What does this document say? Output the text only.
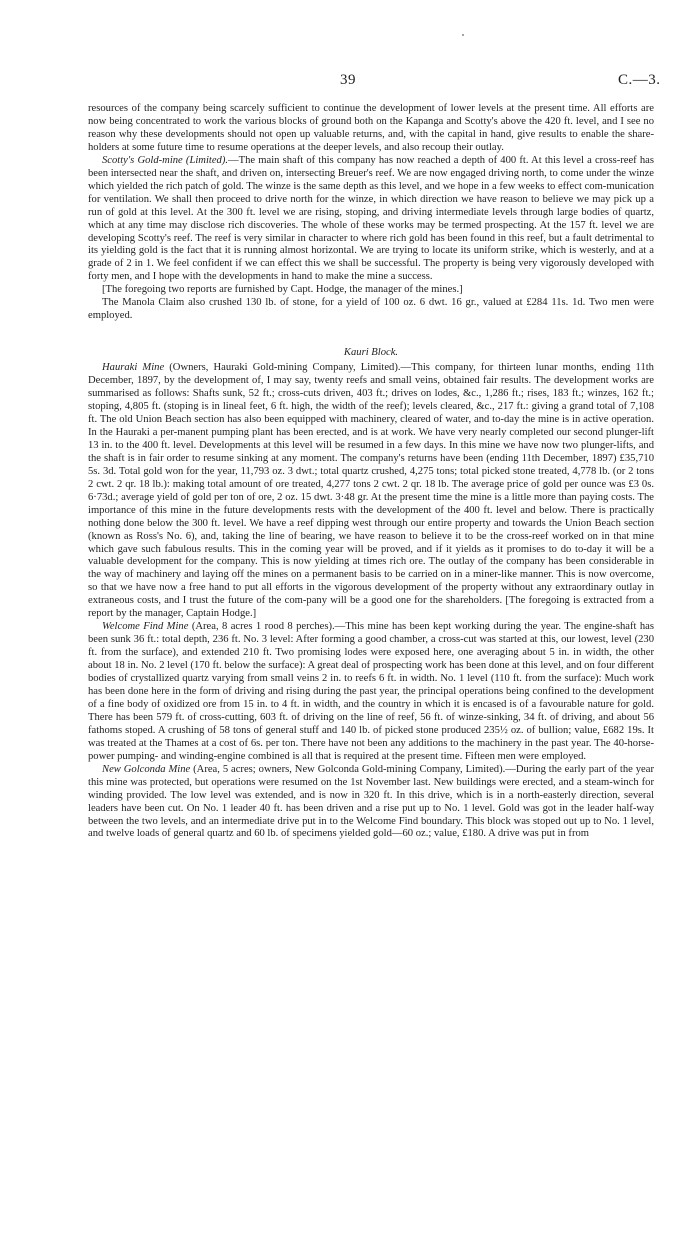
39	C.—3.

resources of the company being scarcely sufficient to continue the development of lower levels at the present time. All efforts are now being concentrated to work the various blocks of ground both on the Kapanga and Scotty's above the 420 ft. level, and I see no reason why these developments should not open up valuable returns, and, with the capital in hand, give results to enable the share-holders at some future time to resume operations at the deeper levels, and also recoup their outlay.

Scotty's Gold-mine (Limited).—The main shaft of this company has now reached a depth of 400 ft. At this level a cross-reef has been intersected near the shaft, and driven on, intersecting Breuer's reef. We are now engaged driving north, to come under the winze which yielded the rich patch of gold. The winze is the same depth as this level, and we hope in a few weeks to effect com-munication for ventilation. We shall then proceed to drive north for the winze, in which direction we have reason to believe we may pick up a run of gold at this level. At the 300 ft. level we are rising, stoping, and driving intermediate levels through large bodies of quartz, which at any time may disclose rich discoveries. The whole of these works may be termed prospecting. At the 157 ft. level we are developing Scotty's reef. The reef is very similar in character to where rich gold has been found in this reef, but a fault detrimental to its yielding gold is the fact that it is running almost horizontal. We are trying to locate its uniform strike, which is westerly, and at a grade of 2 in 1. We feel confident if we can effect this we shall be successful. The property is being very vigorously developed with forty men, and I hope with the developments in hand to make the mine a success.

[The foregoing two reports are furnished by Capt. Hodge, the manager of the mines.]

The Manola Claim also crushed 130 lb. of stone, for a yield of 100 oz. 6 dwt. 16 gr., valued at £284 11s. 1d. Two men were employed.

Kauri Block.

Hauraki Mine (Owners, Hauraki Gold-mining Company, Limited).—This company, for thirteen lunar months, ending 11th December, 1897, by the development of, I may say, twenty reefs and small veins, obtained fair results. The development works are summarised as follows: Shafts sunk, 52 ft.; cross-cuts driven, 403 ft.; drives on lodes, &c., 1,286 ft.; rises, 183 ft.; winzes, 162 ft.; stoping, 4,805 ft. (stoping is in lineal feet, 6 ft. high, the width of the reef); levels cleared, &c., 217 ft.: giving a grand total of 7,108 ft. The old Union Beach section has also been equipped with machinery, cleared of water, and to-day the mine is in active operation. In the Hauraki a per-manent pumping plant has been erected, and is at work. We have very nearly completed our second plunger-lift 13 in. to the 400 ft. level. Developments at this level will be resumed in a few days. In this mine we have now two plunger-lifts, and the shaft is in fair order to resume sinking at any moment. The company's returns have been (ending 11th December, 1897) £35,710 5s. 3d. Total gold won for the year, 11,793 oz. 3 dwt.; total quartz crushed, 4,275 tons; total picked stone treated, 4,778 lb. (or 2 tons 2 cwt. 2 qr. 18 lb.): making total amount of ore treated, 4,277 tons 2 cwt. 2 qr. 18 lb. The average price of gold per ounce was £3 0s. 6·73d.; average yield of gold per ton of ore, 2 oz. 15 dwt. 3·48 gr. At the present time the mine is a little more than paying costs. The importance of this mine in the future developments rests with the development of the 400 ft. level and below. There is practically nothing done below the 300 ft. level. We have a reef dipping west through our entire property and towards the Union Beach section (known as Ross's No. 6), and, taking the line of bearing, we have reason to believe it to be the cross-reef worked on in that mine which gave such fabulous results. This in the coming year will be proved, and if it yields as it promises to do to-day it will be a valuable development for the company. This is now yielding at times rich ore. The outlay of the company has been considerable in the way of machinery and laying off the mines on a permanent basis to be carried on in a miner-like manner. This is now overcome, so that we have now a free hand to put all efforts in the vigorous development of the property without any extraordinary outlay in extraneous costs, and I trust the future of the com-pany will be a good one for the shareholders. [The foregoing is extracted from a report by the manager, Captain Hodge.]

Welcome Find Mine (Area, 8 acres 1 rood 8 perches).—This mine has been kept working during the year. The engine-shaft has been sunk 36 ft.: total depth, 236 ft. No. 3 level: After forming a good chamber, a cross-cut was started at this, our lowest, level (230 ft. from the surface), and extended 210 ft. Two promising lodes were exposed here, one averaging about 5 in. in width, the other about 18 in. No. 2 level (170 ft. below the surface): A great deal of prospecting work has been done at this level, and on four different bodies of crystallized quartz varying from small veins 2 in. to reefs 6 ft. in width. No. 1 level (110 ft. from the surface): Much work has been done here in the form of driving and rising during the past year, the principal operations being confined to the development of a fine body of oxidized ore from 15 in. to 4 ft. in width, and the country in which it is encased is of a favourable nature for gold. There has been 579 ft. of cross-cutting, 603 ft. of driving on the line of reef, 56 ft. of winze-sinking, 34 ft. of driving, and about 56 fathoms stoped. A crushing of 58 tons of general stuff and 140 lb. of picked stone produced 235½ oz. of bullion; value, £682 19s. It was treated at the Thames at a cost of 6s. per ton. There have not been any additions to the machinery in the past year. The 40-horse-power pumping- and winding-engine combined is all that is required at the present time. Fifteen men were employed.

New Golconda Mine (Area, 5 acres; owners, New Golconda Gold-mining Company, Limited).—During the early part of the year this mine was protected, but operations were resumed on the 1st November last. New buildings were erected, and a steam-winch for winding provided. The low level was extended, and is now in 320 ft. In this drive, which is in a north-easterly direction, several leaders have been cut. On No. 1 leader 40 ft. has been driven and a rise put up to No. 1 level. Gold was got in the leader half-way between the two levels, and an intermediate drive put in to the Welcome Find boundary. This block was stoped out up to No. 1 level, and twelve loads of general quartz and 60 lb. of specimens yielded gold—60 oz.; value, £180. A drive was put in from
